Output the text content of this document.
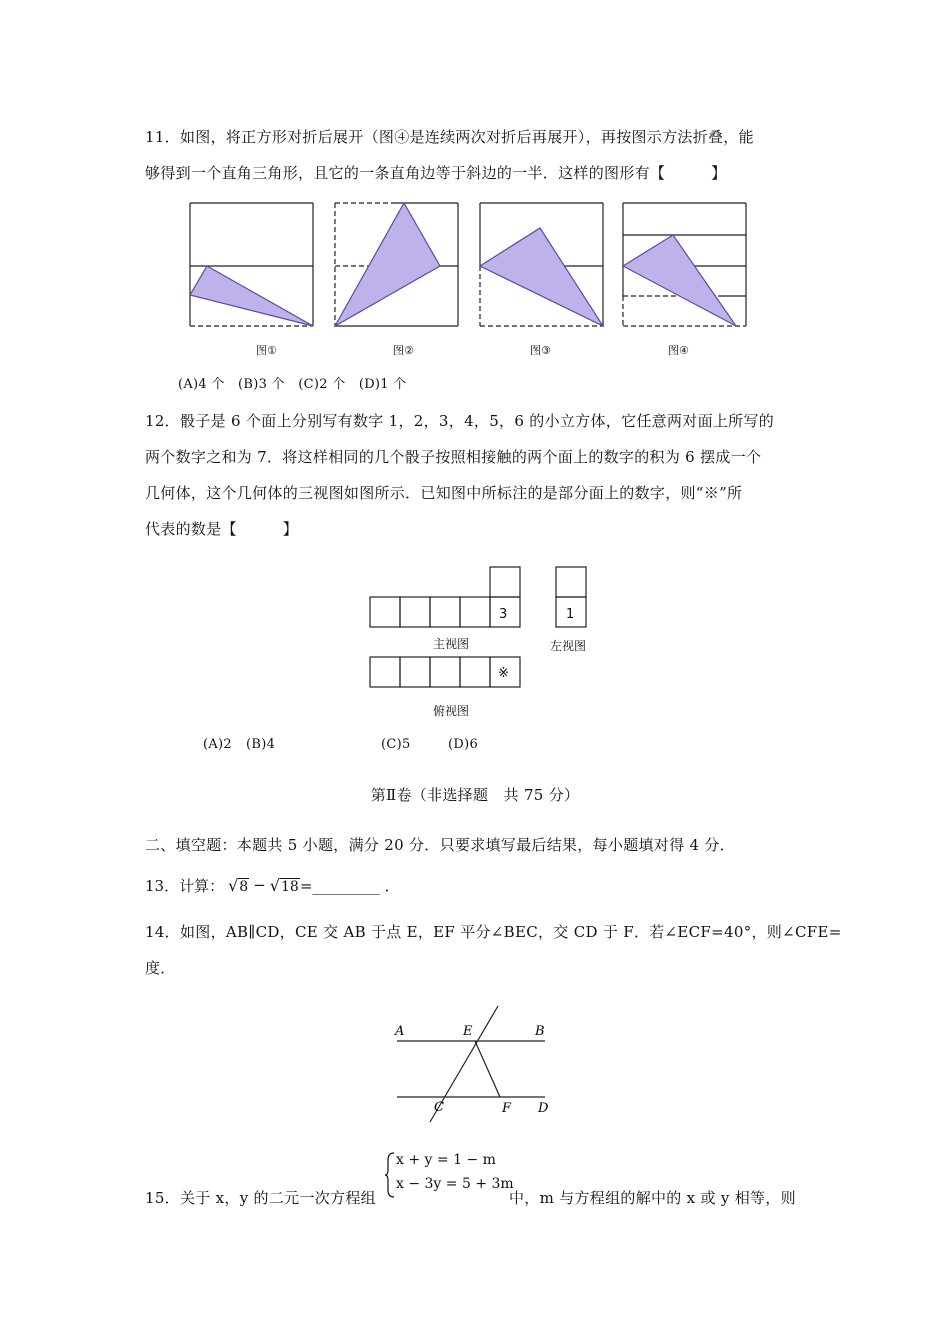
11．如图，将正方形对折后展开（图④是连续两次对折后再展开），再按图示方法折叠，能
够得到一个直角三角形，且它的一条直角边等于斜边的一半．这样的图形有【　　　】
图①	图②	图③	图④
(A)4 个　(B)3 个　(C)2 个　(D)1 个
12．骰子是 6 个面上分别写有数字 1，2，3，4，5，6 的小立方体，它任意两对面上所写的
两个数字之和为 7．将这样相同的几个骰子按照相接触的两个面上的数字的积为 6 摆成一个
几何体，这个几何体的三视图如图所示．已知图中所标注的是部分面上的数字，则“※”所
代表的数是【　　　】
3	1
※
主视图	左视图
俯视图
(A)2 (B)4	(C)5	(D)6
第Ⅱ卷（非选择题　共 75 分）
二、填空题：本题共 5 小题，满分 20 分．只要求填写最后结果，每小题填对得 4 分．
13．计算： √ 8 − √ 18 =_________ ．
14．如图，AB∥CD，CE 交 AB 于点 E，EF 平分∠BEC，交 CD 于 F．若∠ECF=40°，则∠CFE=
度．
A	E	B
C	F D
15．关于 x，y 的二元一次方程组
x + y = 1 − m
x − 3y = 5 + 3m
中，m 与方程组的解中的 x 或 y 相等，则
